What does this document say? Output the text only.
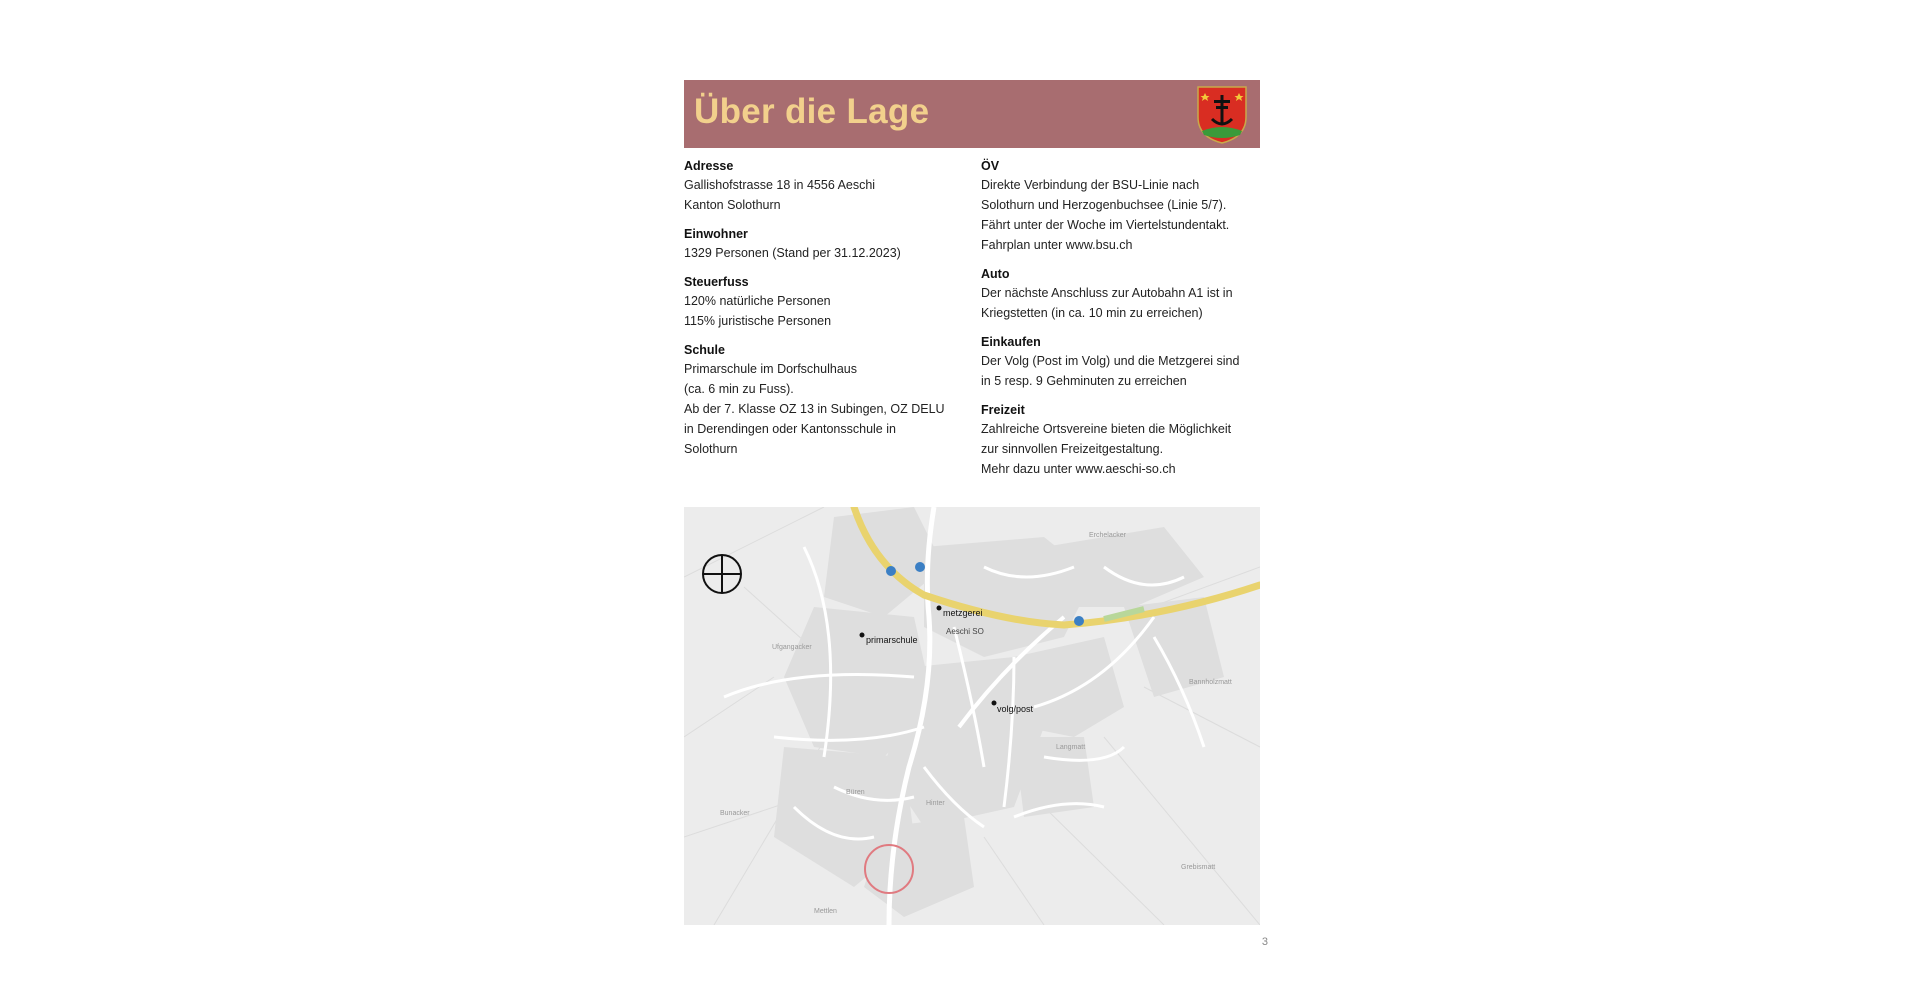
Über die Lage
Adresse
Gallishofstrasse 18 in 4556 Aeschi
Kanton Solothurn
Einwohner
1329 Personen (Stand per 31.12.2023)
Steuerfuss
120% natürliche Personen
115% juristische Personen
Schule
Primarschule im Dorfschulhaus
(ca. 6 min zu Fuss).
Ab der 7. Klasse OZ 13 in Subingen, OZ DELU
in Derendingen oder Kantonsschule in
Solothurn
ÖV
Direkte Verbindung der BSU-Linie nach
Solothurn und Herzogenbuchsee (Linie 5/7).
Fährt unter der Woche im Viertelstundentakt.
Fahrplan unter www.bsu.ch
Auto
Der nächste Anschluss zur Autobahn A1 ist in
Kriegstetten (in ca. 10 min zu erreichen)
Einkaufen
Der Volg (Post im Volg) und die Metzgerei sind
in 5 resp. 9 Gehminuten zu erreichen
Freizeit
Zahlreiche Ortsvereine bieten die Möglichkeit
zur sinnvollen Freizeitgestaltung.
Mehr dazu unter www.aeschi-so.ch
metzgerei
primarschule
volg/post
Aeschi SO
Erchelacker
Ufgangacker
Bunacker
Bannholzmatt
Grebismatt
Mettlen
Langmatt
Büren
Hinter
3
